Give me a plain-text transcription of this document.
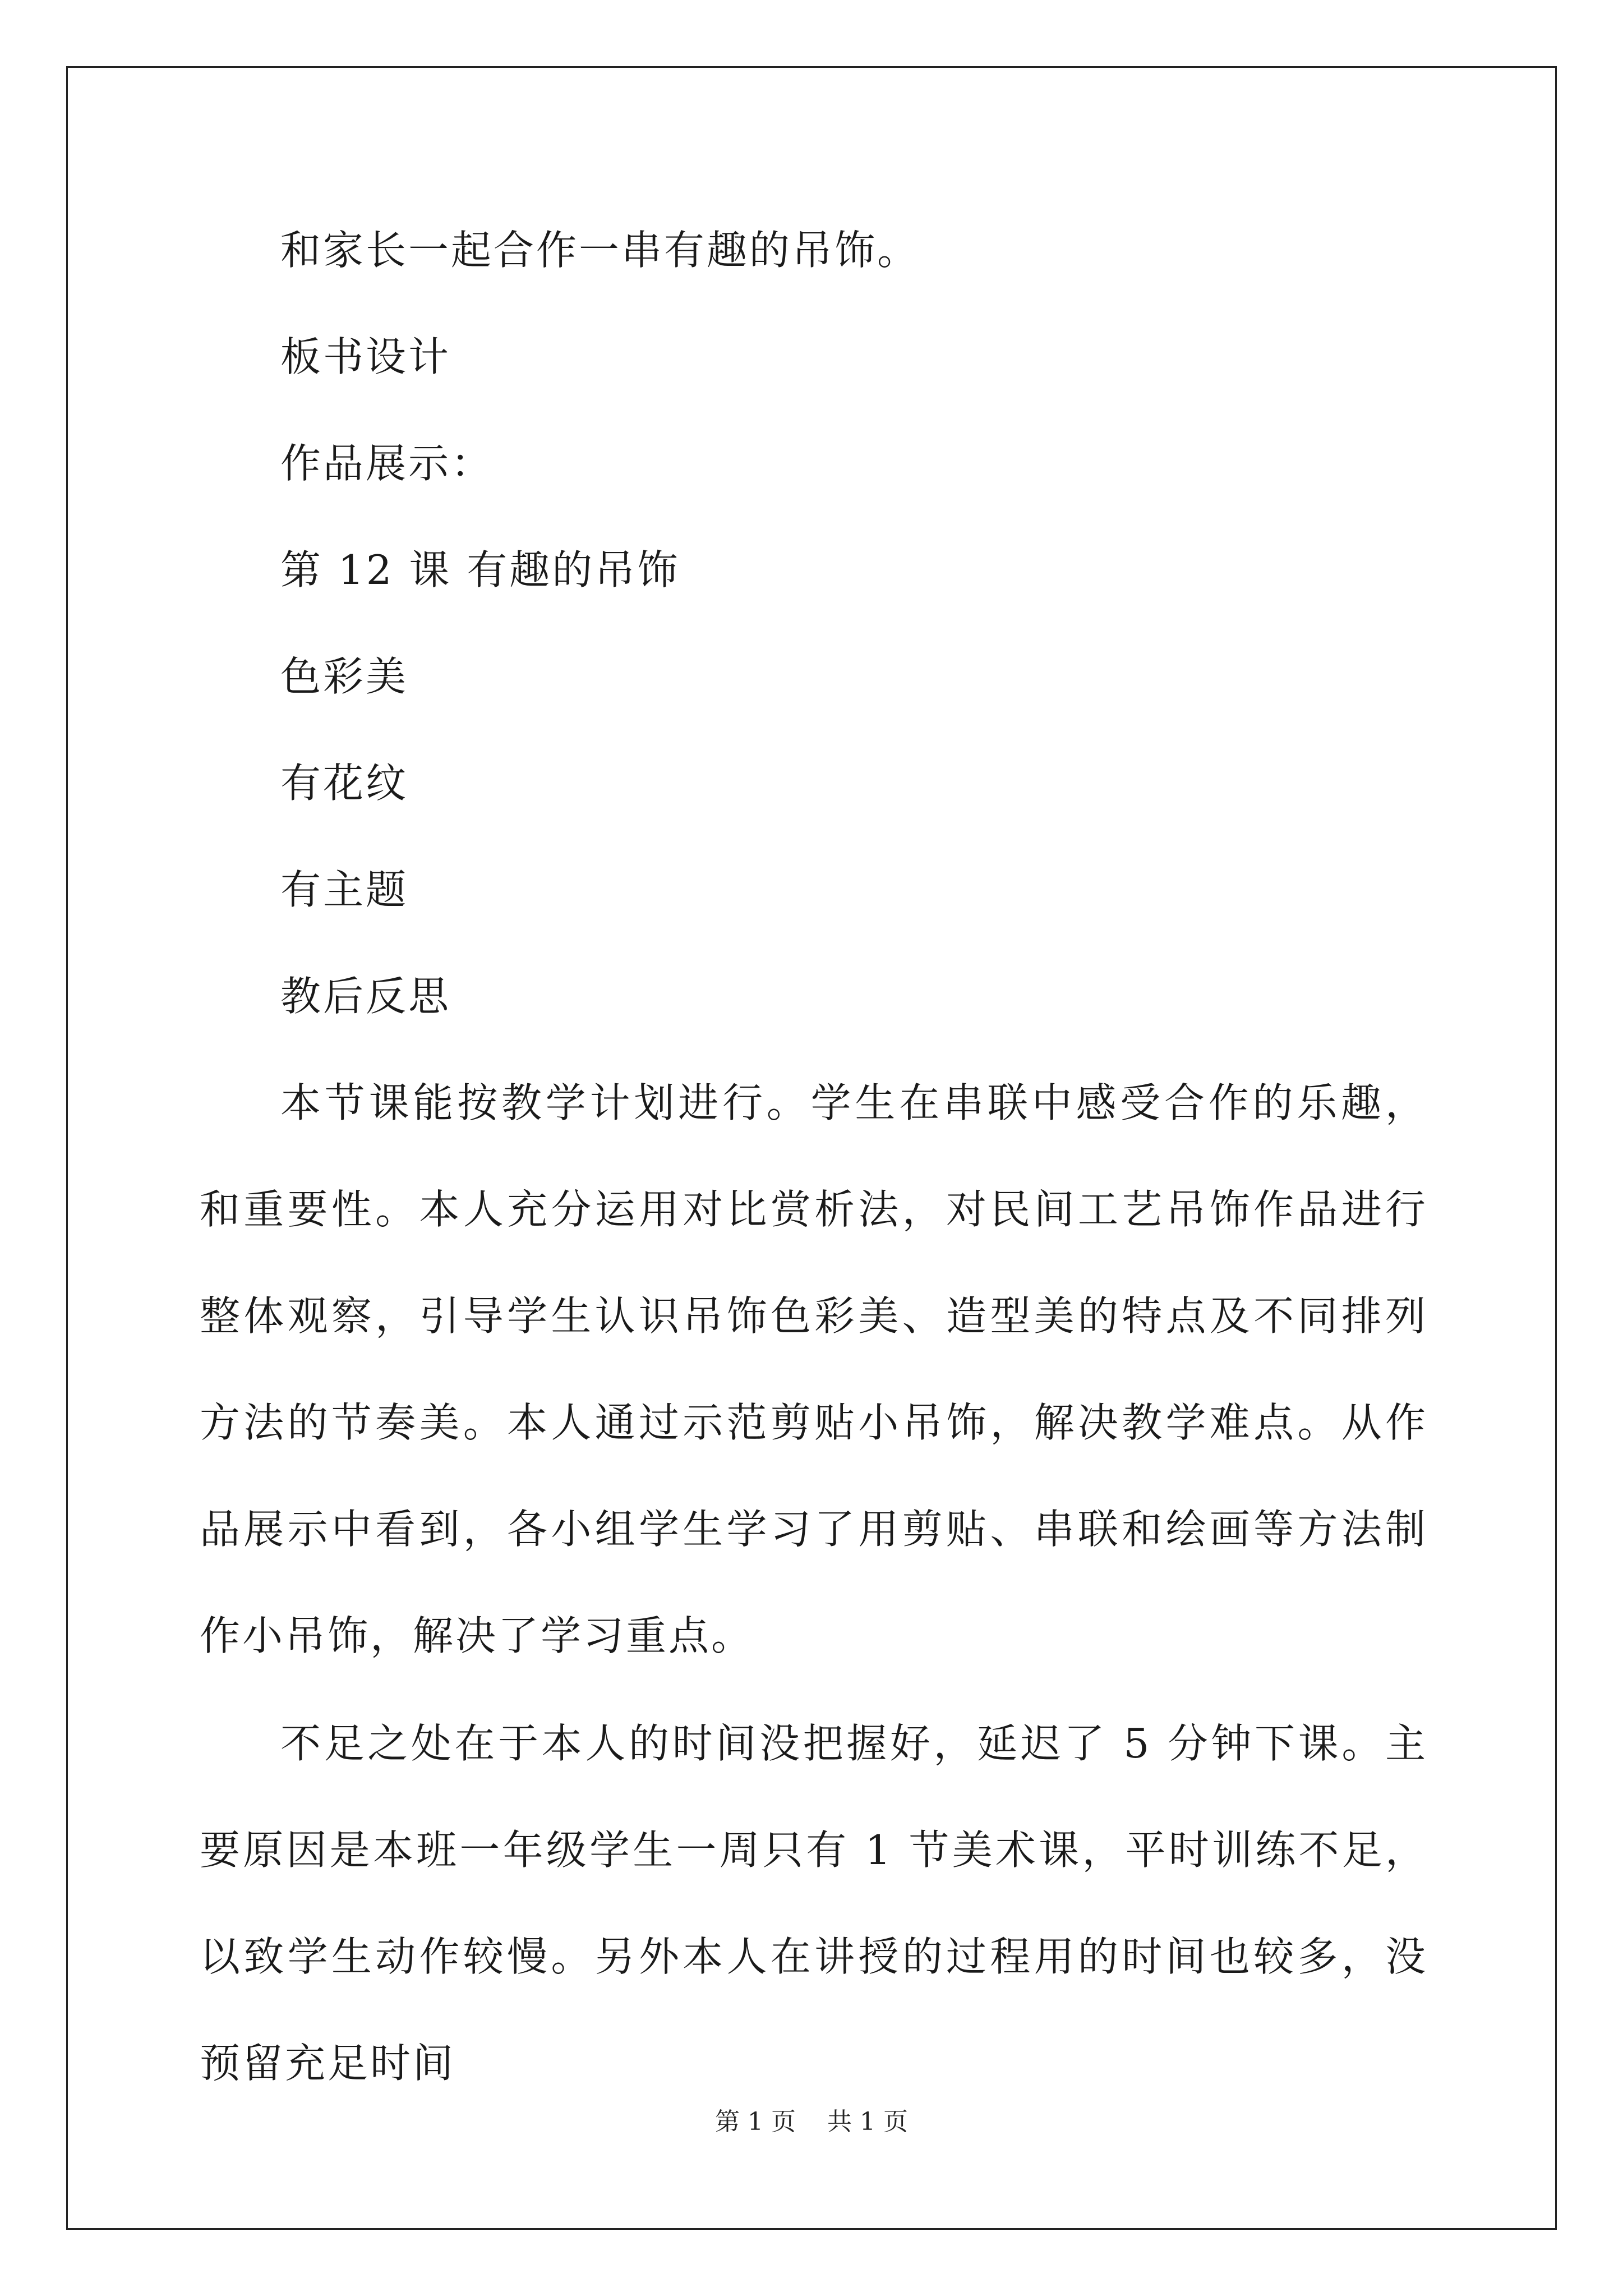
和家长一起合作一串有趣的吊饰。
板书设计
作品展示：
第 12 课 有趣的吊饰
色彩美
有花纹
有主题
教后反思
本节课能按教学计划进行。学生在串联中感受合作的乐趣，和重要性。本人充分运用对比赏析法，对民间工艺吊饰作品进行整体观察，引导学生认识吊饰色彩美、造型美的特点及不同排列方法的节奏美。本人通过示范剪贴小吊饰，解决教学难点。从作品展示中看到，各小组学生学习了用剪贴、串联和绘画等方法制作小吊饰，解决了学习重点。
不足之处在于本人的时间没把握好，延迟了 5 分钟下课。主要原因是本班一年级学生一周只有 1 节美术课，平时训练不足，以致学生动作较慢。另外本人在讲授的过程用的时间也较多，没预留充足时间
第 1 页 共 1 页
